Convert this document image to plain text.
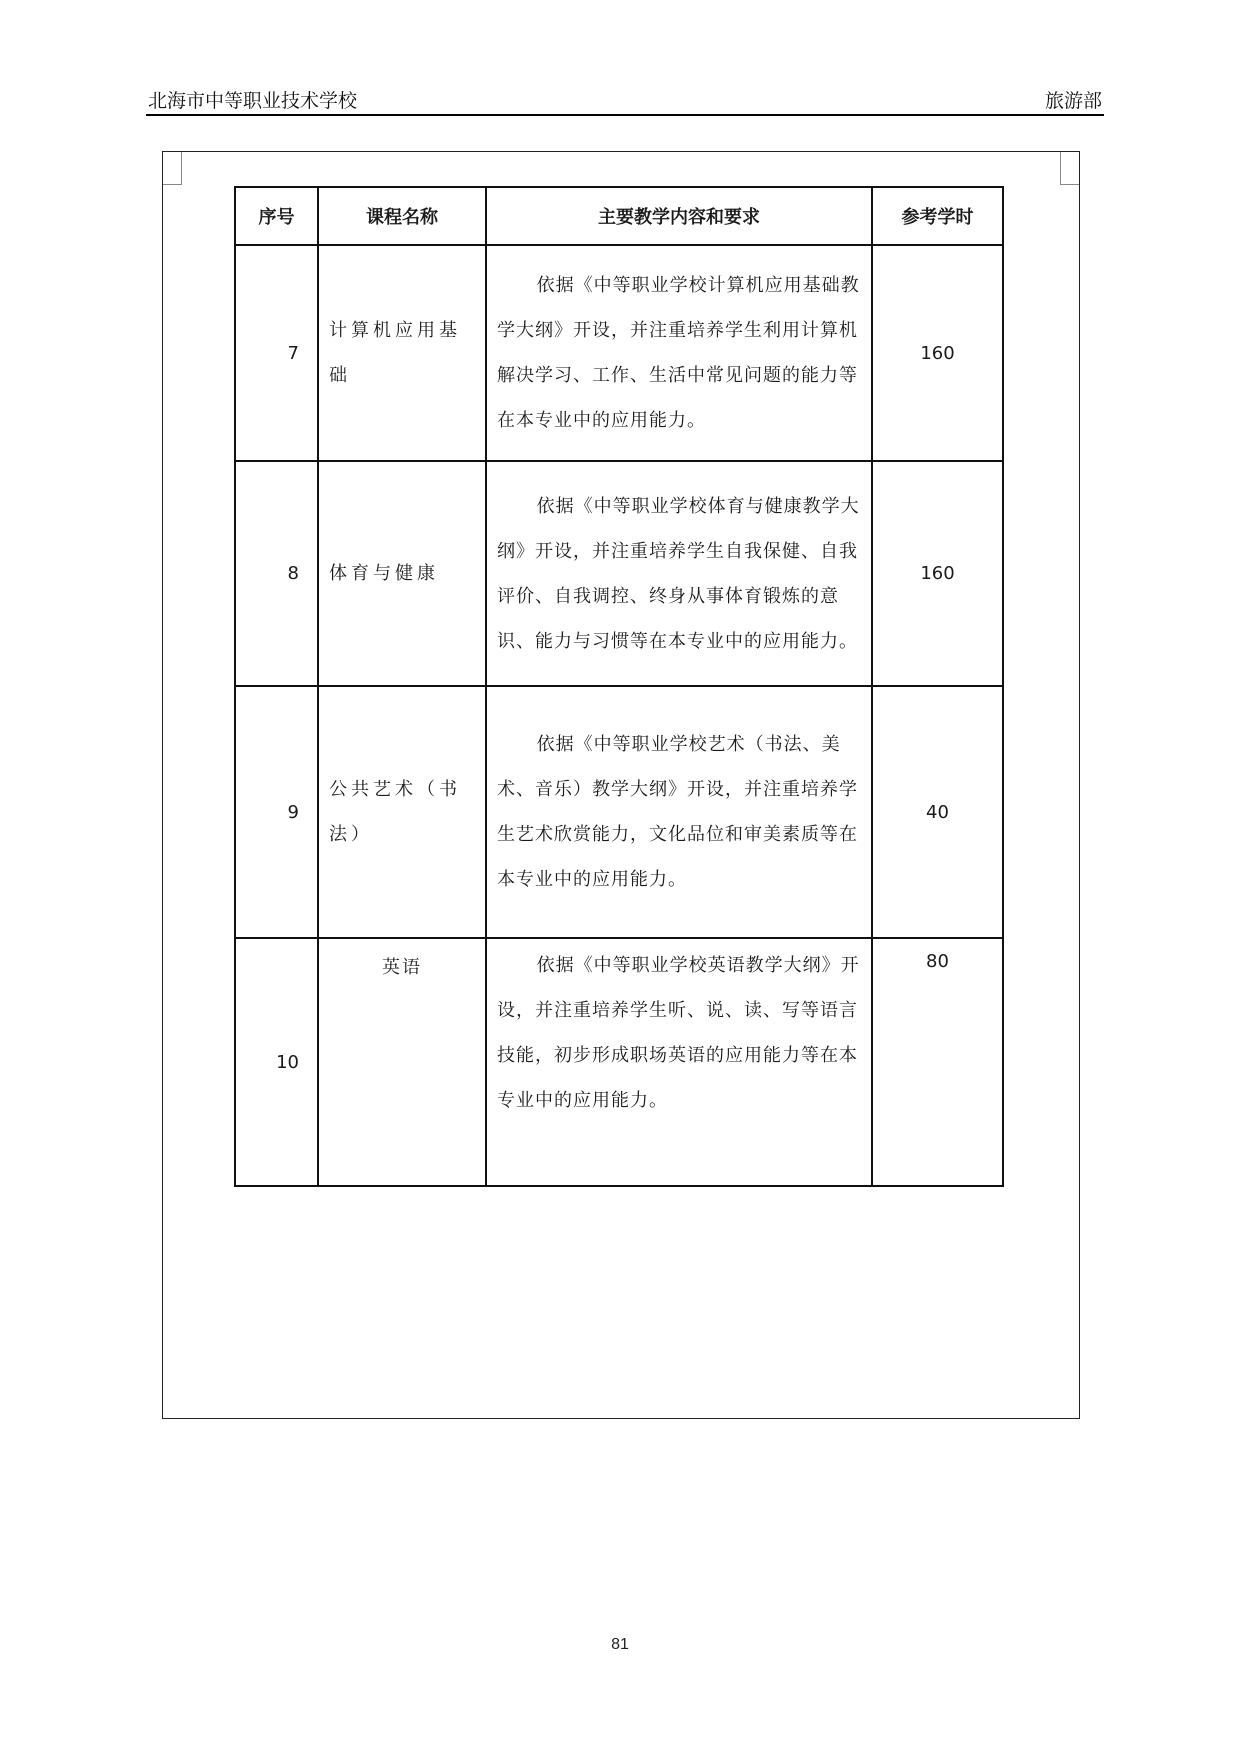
北海市中等职业技术学校	旅游部
序号	课程名称	主要教学内容和要求	参考学时
7	计算机应用基础	依据《中等职业学校计算机应用基础教学大纲》开设，并注重培养学生利用计算机解决学习、工作、生活中常见问题的能力等在本专业中的应用能力。	160
8	体育与健康	依据《中等职业学校体育与健康教学大纲》开设，并注重培养学生自我保健、自我评价、自我调控、终身从事体育锻炼的意识、能力与习惯等在本专业中的应用能力。	160
9	公共艺术（书法）	依据《中等职业学校艺术（书法、美术、音乐）教学大纲》开设，并注重培养学生艺术欣赏能力，文化品位和审美素质等在本专业中的应用能力。	40
10	英语	依据《中等职业学校英语教学大纲》开设，并注重培养学生听、说、读、写等语言技能，初步形成职场英语的应用能力等在本专业中的应用能力。	80
81
